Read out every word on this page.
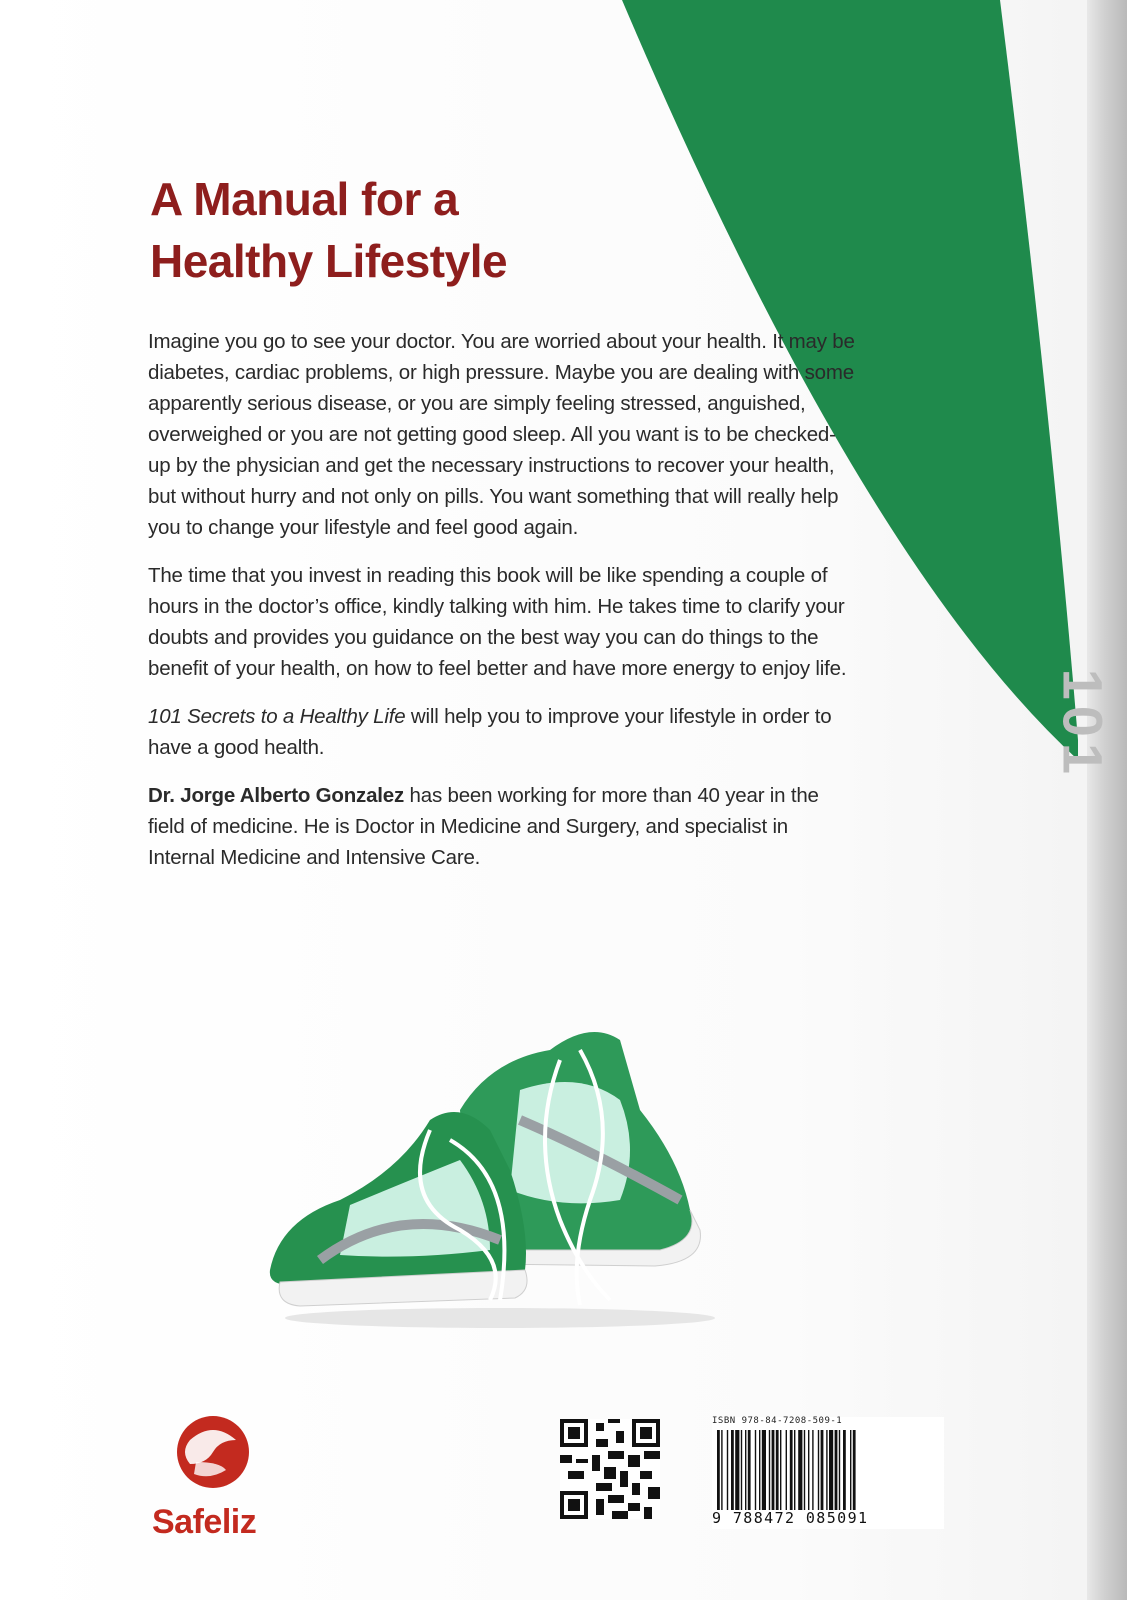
101
A Manual for a
Healthy Lifestyle

Imagine you go to see your doctor. You are worried about your health. It may be diabetes, cardiac problems, or high pressure. Maybe you are dealing with some apparently serious disease, or you are simply feeling stressed, anguished, overweighed or you are not getting good sleep. All you want is to be checked-up by the physician and get the necessary instructions to recover your health, but without hurry and not only on pills. You want something that will really help you to change your lifestyle and feel good again.

The time that you invest in reading this book will be like spending a couple of hours in the doctor’s office, kindly talking with him. He takes time to clarify your doubts and provides you guidance on the best way you can do things to the benefit of your health, on how to feel better and have more energy to enjoy life.

101 Secrets to a Healthy Life will help you to improve your lifestyle in order to have a good health.

Dr. Jorge Alberto Gonzalez has been working for more than 40 year in the field of medicine. He is Doctor in Medicine and Surgery, and specialist in Internal Medicine and Intensive Care.

Safeliz

ISBN 978-84-7208-509-1

9 788472 085091
